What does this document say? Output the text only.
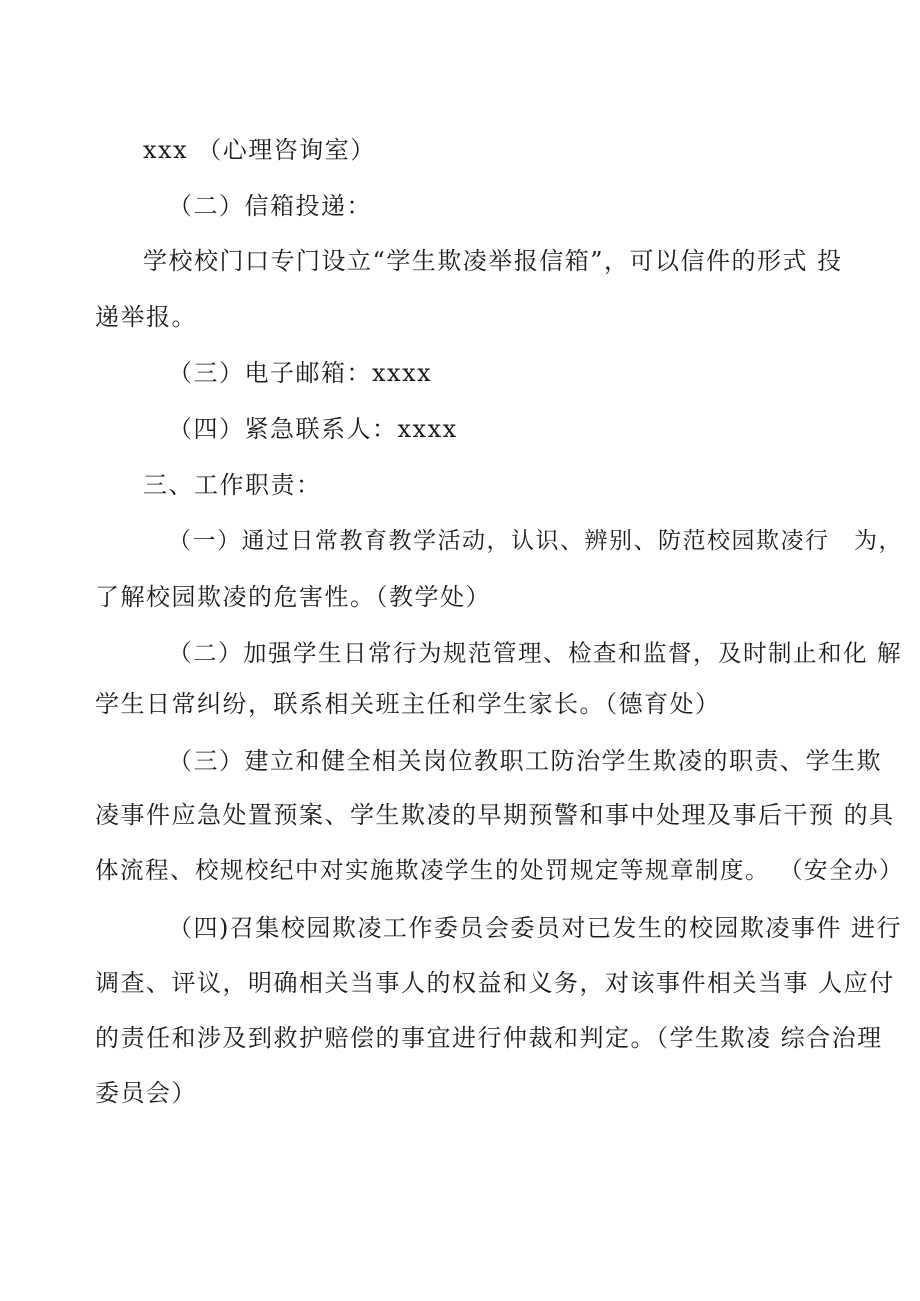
xxx （心理咨询室）
（二）信箱投递：
学校校门口专门设立“学生欺凌举报信箱”，可以信件的形式 投
递举报。
（三）电子邮箱：xxxx
（四）紧急联系人：xxxx
三、工作职责：
（一）通过日常教育教学活动，认识、辨别、防范校园欺凌行　为，
了解校园欺凌的危害性。（教学处）
（二）加强学生日常行为规范管理、检查和监督，及时制止和化 解
学生日常纠纷，联系相关班主任和学生家长。（德育处）
（三）建立和健全相关岗位教职工防治学生欺凌的职责、学生欺
凌事件应急处置预案、学生欺凌的早期预警和事中处理及事后干预 的具
体流程、校规校纪中对实施欺凌学生的处罚规定等规章制度。 （安全办）
（四)召集校园欺凌工作委员会委员对已发生的校园欺凌事件 进行
调查、评议，明确相关当事人的权益和义务，对该事件相关当事 人应付
的责任和涉及到救护赔偿的事宜进行仲裁和判定。（学生欺凌 综合治理
委员会）
